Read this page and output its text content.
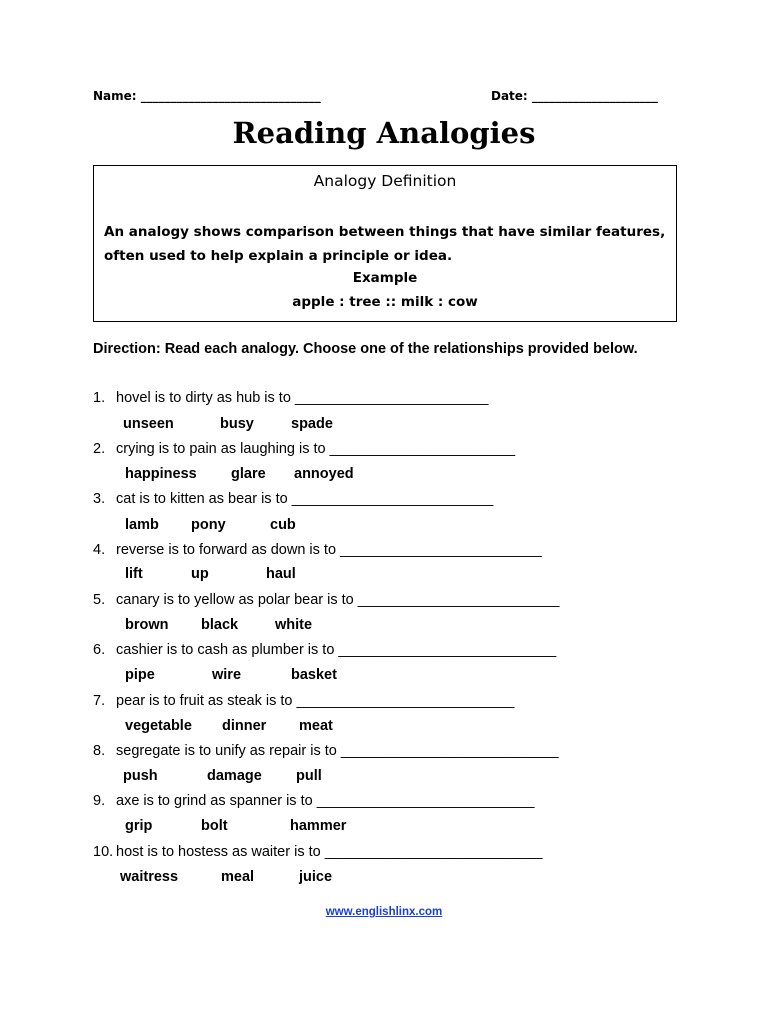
Name: ______________________________	Date: _____________________
Reading Analogies
Analogy Definition
An analogy shows comparison between things that have similar features, often used to help explain a principle or idea.
Example
apple : tree :: milk : cow
Direction: Read each analogy. Choose one of the relationships provided below.
1. hovel is to dirty as hub is to ________________________
unseen	busy	spade
2. crying is to pain as laughing is to _______________________
happiness glare annoyed
3. cat is to kitten as bear is to _________________________
lamb pony	cub
4. reverse is to forward as down is to _________________________
lift	up	haul
5. canary is to yellow as polar bear is to _________________________
brown black	white
6. cashier is to cash as plumber is to ___________________________
pipe	wire	basket
7. pear is to fruit as steak is to ___________________________
vegetable dinner meat
8. segregate is to unify as repair is to ___________________________
push	damage pull
9. axe is to grind as spanner is to ___________________________
grip	bolt	hammer
10. host is to hostess as waiter is to ___________________________
waitress	meal	juice
www.englishlinx.com
